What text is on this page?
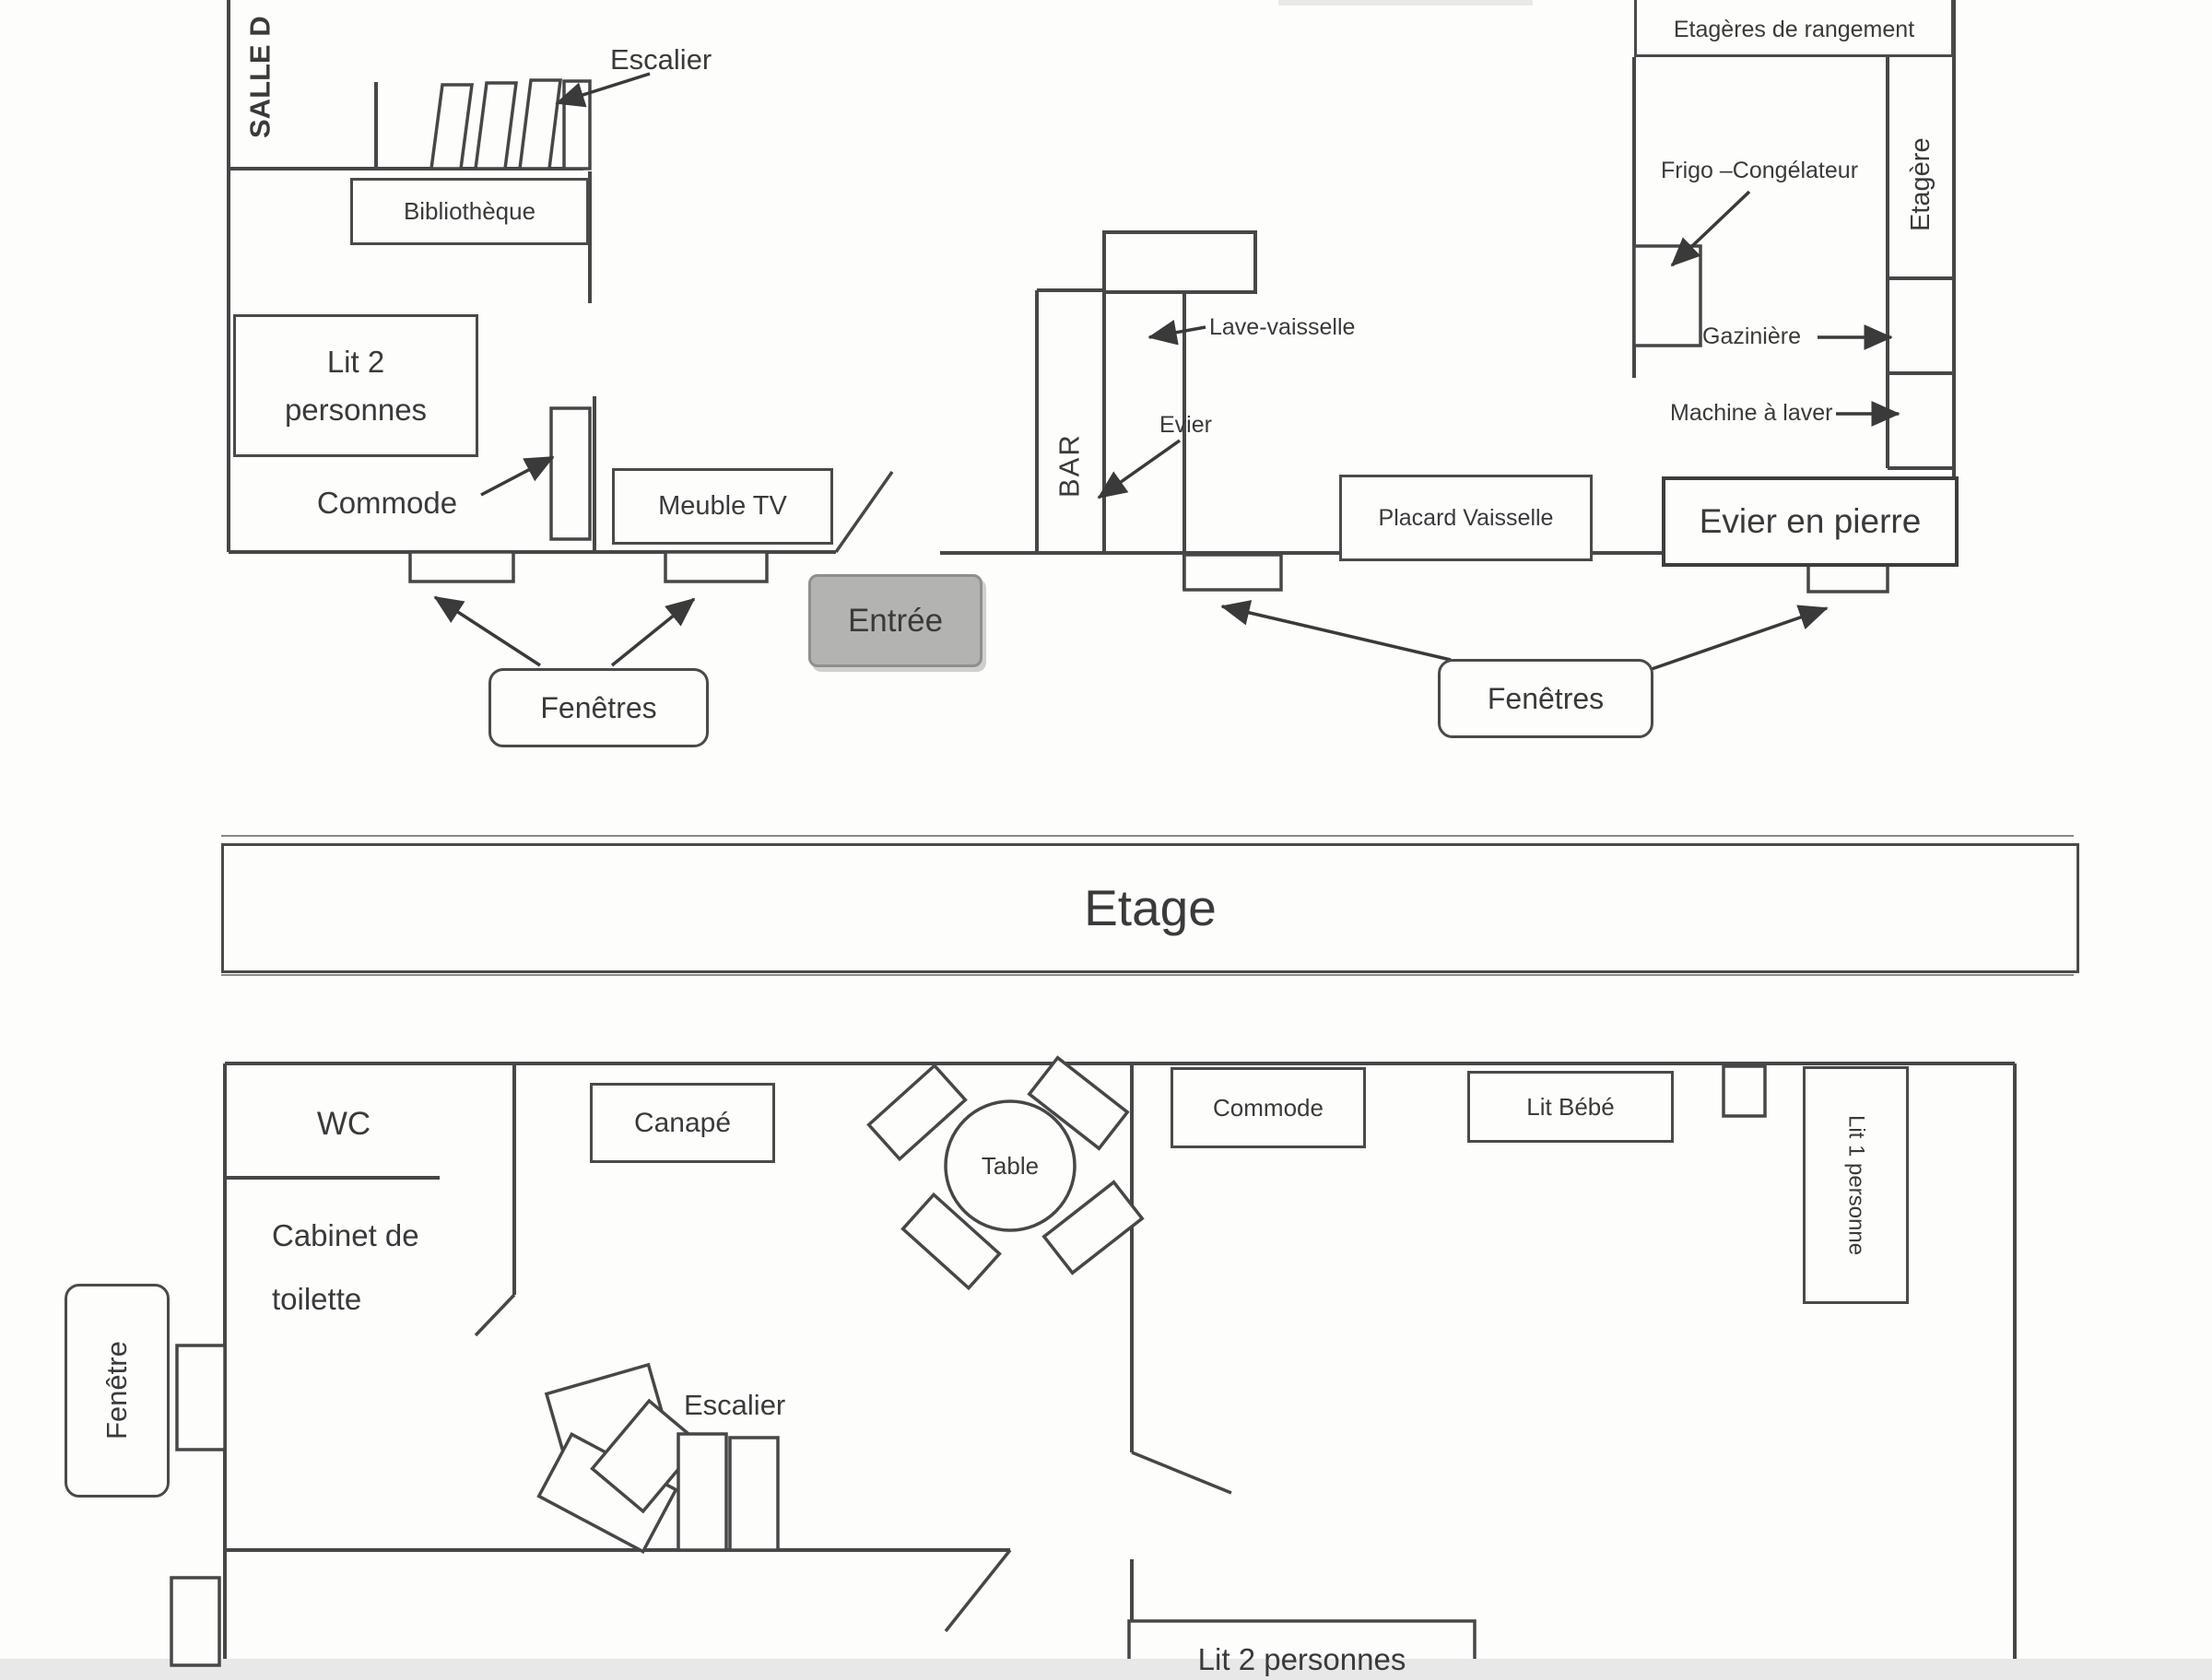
SALLE D	Escalier
Bibliothèque
Lit 2
personnes
Commode	Meuble TV
Entrée
Fenêtres
BAR
Lave-vaisselle
Evier
Placard Vaisselle
Etagères de rangement
Frigo –Congélateur	Etagère
Gazinière
Machine à laver
Evier en pierre
Fenêtres
Etage
WC
Cabinet de
toilette
Canapé
Table
Escalier
Commode	Lit Bébé
Lit 1 personne
Fenêtre
Lit 2 personnes
